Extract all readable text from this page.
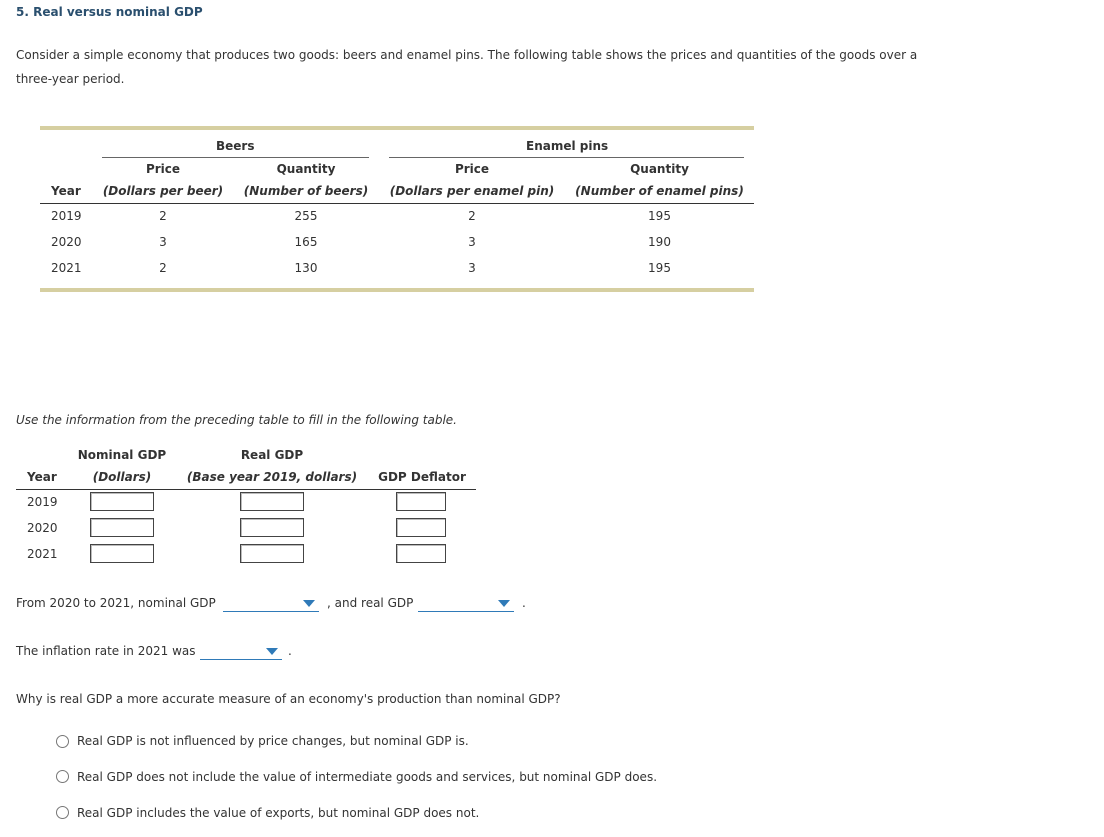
5. Real versus nominal GDP
Consider a simple economy that produces two goods: beers and enamel pins. The following table shows the prices and quantities of the goods over a three-year period.
Beers	Enamel pins
Price	Quantity	Price	Quantity
Year (Dollars per beer)	(Number of beers)	(Dollars per enamel pin) (Number of enamel pins)
2019	2	255	2	195
2020	3	165	3	190
2021	2	130	3	195
Use the information from the preceding table to fill in the following table.
Nominal GDP	Real GDP
Year	(Dollars)	(Base year 2019, dollars) GDP Deflator
2019
2020
2021
From 2020 to 2021, nominal GDP	, and real GDP	.
The inflation rate in 2021 was	.
Why is real GDP a more accurate measure of an economy's production than nominal GDP?
Real GDP is not influenced by price changes, but nominal GDP is.
Real GDP does not include the value of intermediate goods and services, but nominal GDP does.
Real GDP includes the value of exports, but nominal GDP does not.
